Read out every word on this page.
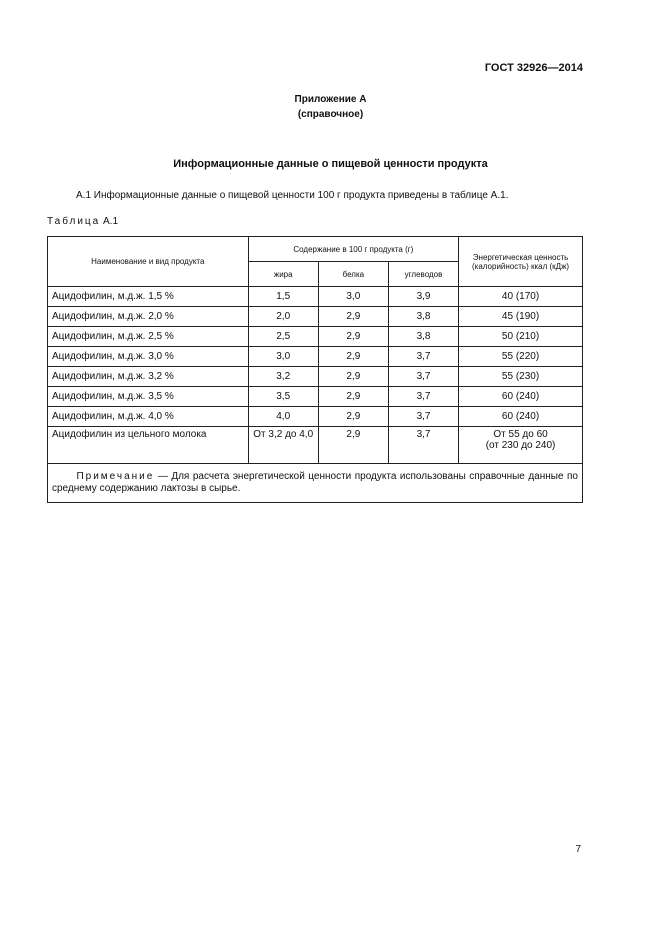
ГОСТ 32926—2014
Приложение А
(справочное)
Информационные данные о пищевой ценности продукта
А.1 Информационные данные о пищевой ценности 100 г продукта приведены в таблице А.1.
Таблица А.1
Наименование и вид продукта	Содержание в 100 г продукта (г)			Энергетическая ценность (калорийность) ккал (кДж)
	жира	белка	углеводов	
Ацидофилин, м.д.ж. 1,5 %	1,5	3,0	3,9	40 (170)
Ацидофилин, м.д.ж. 2,0 %	2,0	2,9	3,8	45 (190)
Ацидофилин, м.д.ж. 2,5 %	2,5	2,9	3,8	50 (210)
Ацидофилин, м.д.ж. 3,0 %	3,0	2,9	3,7	55 (220)
Ацидофилин, м.д.ж. 3,2 %	3,2	2,9	3,7	55 (230)
Ацидофилин, м.д.ж. 3,5 %	3,5	2,9	3,7	60 (240)
Ацидофилин, м.д.ж. 4,0 %	4,0	2,9	3,7	60 (240)
Ацидофилин из цельного молока	От 3,2 до 4,0	2,9	3,7	От 55 до 60
(от 230 до 240)

Примечание — Для расчета энергетической ценности продукта использованы справочные данные по среднему содержанию лактозы в сырье.				
7
